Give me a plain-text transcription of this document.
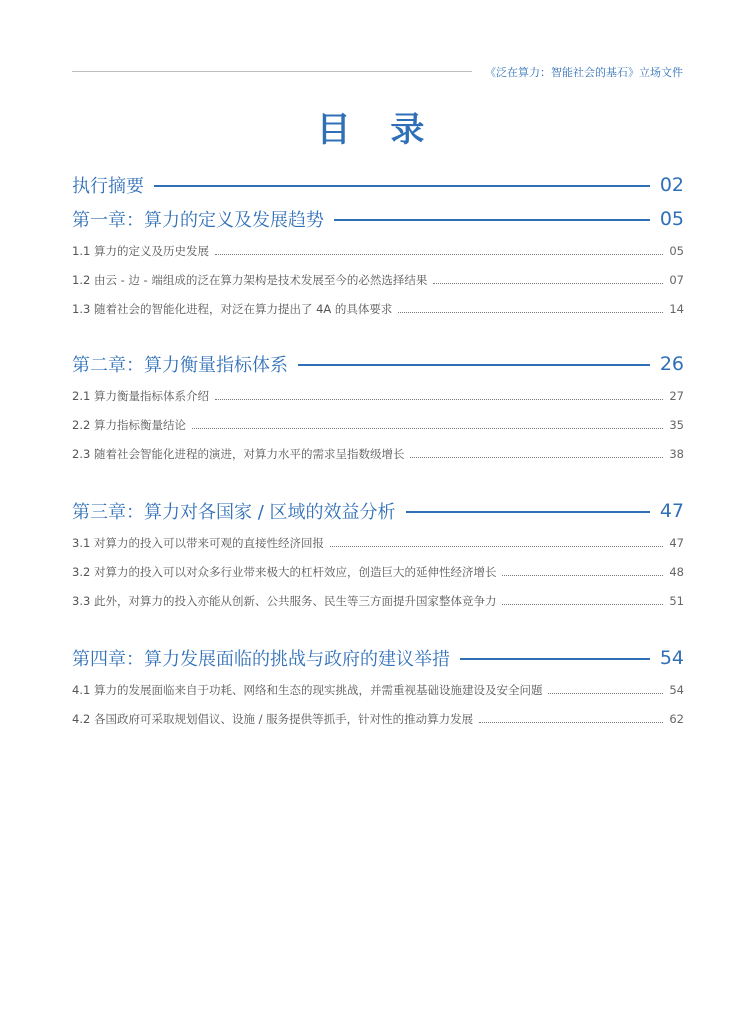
《泛在算力：智能社会的基石》立场文件
目 录
执行摘要	02
第一章：算力的定义及发展趋势	05
1.1 算力的定义及历史发展	05
1.2 由云 - 边 - 端组成的泛在算力架构是技术发展至今的必然选择结果	07
1.3 随着社会的智能化进程，对泛在算力提出了 4A 的具体要求	14
第二章：算力衡量指标体系	26
2.1 算力衡量指标体系介绍	27
2.2 算力指标衡量结论	35
2.3 随着社会智能化进程的演进，对算力水平的需求呈指数级增长	38
第三章：算力对各国家 / 区域的效益分析	47
3.1 对算力的投入可以带来可观的直接性经济回报	47
3.2 对算力的投入可以对众多行业带来极大的杠杆效应，创造巨大的延伸性经济增长	48
3.3 此外，对算力的投入亦能从创新、公共服务、民生等三方面提升国家整体竞争力	51
第四章：算力发展面临的挑战与政府的建议举措	54
4.1 算力的发展面临来自于功耗、网络和生态的现实挑战，并需重视基础设施建设及安全问题	54
4.2 各国政府可采取规划倡议、设施 / 服务提供等抓手，针对性的推动算力发展	62
